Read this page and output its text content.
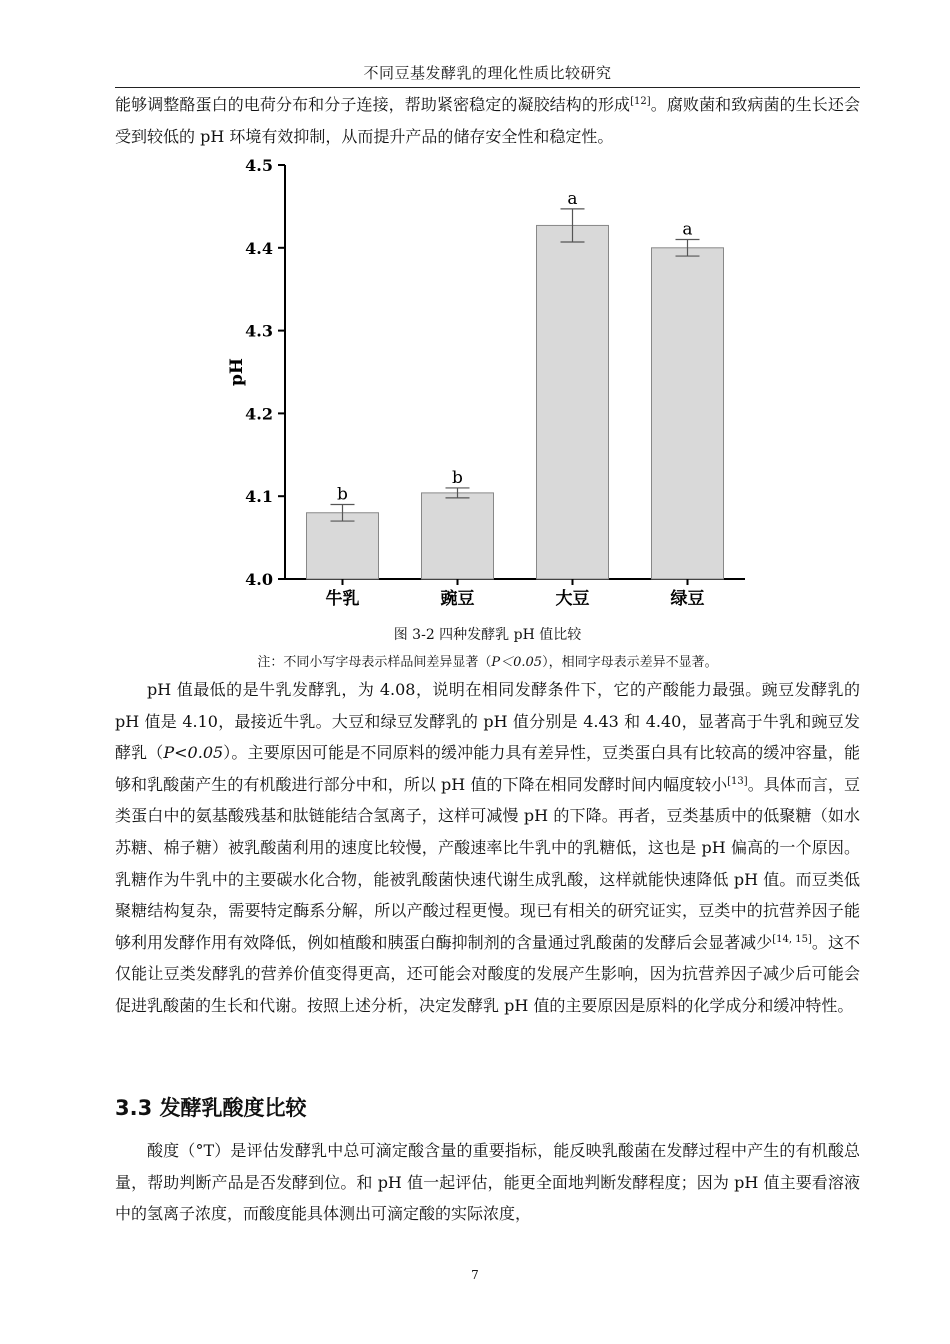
不同豆基发酵乳的理化性质比较研究

能够调整酪蛋白的电荷分布和分子连接，帮助紧密稳定的凝胶结构的形成[12]。腐败菌和致病菌的生长还会受到较低的 pH 环境有效抑制，从而提升产品的储存安全性和稳定性。

4.0
4.1
4.2
4.3
4.4
4.5
pH
牛乳
b
豌豆
b
大豆
a
绿豆
a
图 3-2 四种发酵乳 pH 值比较
注：不同小写字母表示样品间差异显著（P＜0.05），相同字母表示差异不显著。

pH 值最低的是牛乳发酵乳，为 4.08，说明在相同发酵条件下，它的产酸能力最强。豌豆发酵乳的 pH 值是 4.10，最接近牛乳。大豆和绿豆发酵乳的 pH 值分别是 4.43 和 4.40，显著高于牛乳和豌豆发酵乳（P<0.05）。主要原因可能是不同原料的缓冲能力具有差异性，豆类蛋白具有比较高的缓冲容量，能够和乳酸菌产生的有机酸进行部分中和，所以 pH 值的下降在相同发酵时间内幅度较小[13]。具体而言，豆类蛋白中的氨基酸残基和肽链能结合氢离子，这样可减慢 pH 的下降。再者，豆类基质中的低聚糖（如水苏糖、棉子糖）被乳酸菌利用的速度比较慢，产酸速率比牛乳中的乳糖低，这也是 pH 偏高的一个原因。乳糖作为牛乳中的主要碳水化合物，能被乳酸菌快速代谢生成乳酸，这样就能快速降低 pH 值。而豆类低聚糖结构复杂，需要特定酶系分解，所以产酸过程更慢。现已有相关的研究证实，豆类中的抗营养因子能够利用发酵作用有效降低，例如植酸和胰蛋白酶抑制剂的含量通过乳酸菌的发酵后会显著减少[14, 15]。这不仅能让豆类发酵乳的营养价值变得更高，还可能会对酸度的发展产生影响，因为抗营养因子减少后可能会促进乳酸菌的生长和代谢。按照上述分析，决定发酵乳 pH 值的主要原因是原料的化学成分和缓冲特性。

3.3 发酵乳酸度比较

酸度（°T）是评估发酵乳中总可滴定酸含量的重要指标，能反映乳酸菌在发酵过程中产生的有机酸总量，帮助判断产品是否发酵到位。和 pH 值一起评估，能更全面地判断发酵程度；因为 pH 值主要看溶液中的氢离子浓度，而酸度能具体测出可滴定酸的实际浓度，

7
